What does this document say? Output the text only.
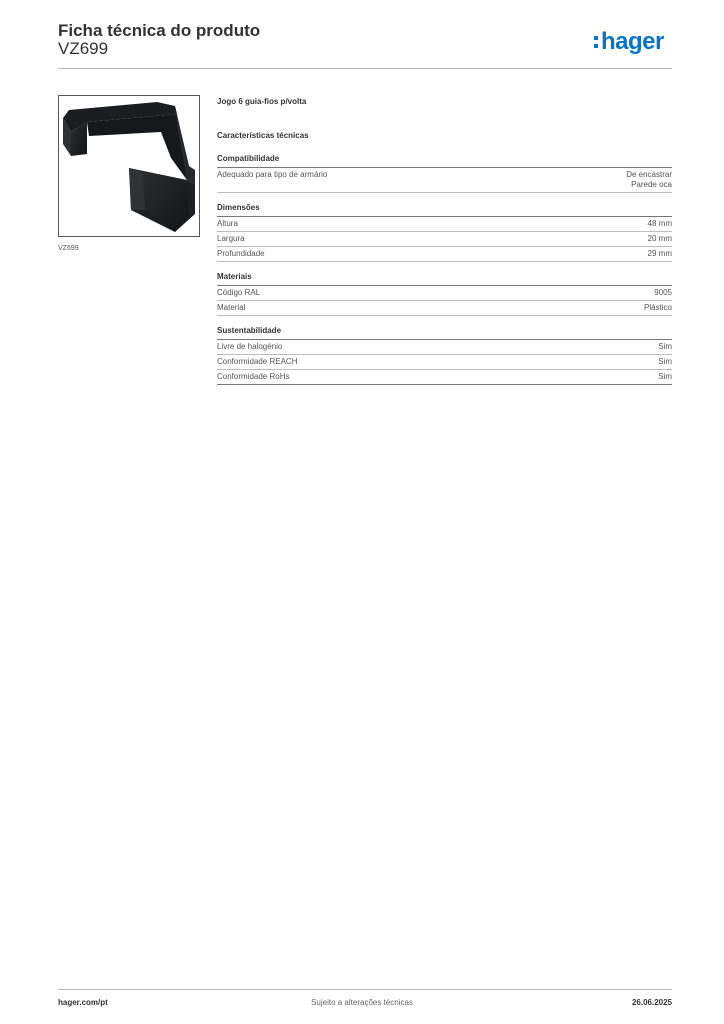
Ficha técnica do produto
VZ699	hager
VZ699
Jogo 6 guia-fios p/volta
Características técnicas
Compatibilidade
Adequado para tipo de armário	De encastrar
Parede oca
Dimensões
Altura	48 mm
Largura	20 mm
Profundidade	29 mm
Materiais
Código RAL	9005
Material	Plástico
Sustentabilidade
Livre de halogénio	Sim
Conformidade REACH	Sim
Conformidade RoHs	Sim
hager.com/pt	Sujeito a alterações técnicas	26.06.2025
